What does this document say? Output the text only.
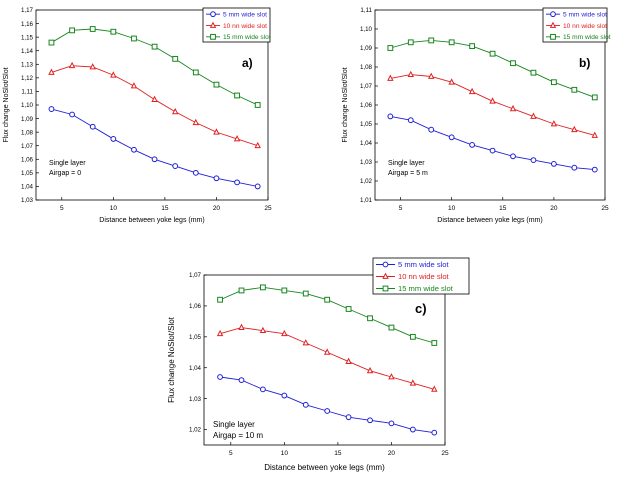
1,03
1,04
1,05
1,06
1,07
1,08
1,09
1,10
1,11
1,12
1,13
1,14
1,15
1,16
1,17
5	10	15	20	25
Distance between yoke legs (mm)
Flux change NoSlot/Slot
Single layer
Airgap = 0
a)
5 mm wide slot
10 nn wide slot
15 mm wide slot
1,01
1,02
1,03
1,04
1,05
1,06
1,07
1,08
1,09
1,10
1,11
5	10	15	20	25
Distance between yoke legs (mm)
Flux change NoSlot/Slot
Single layer
Airgap = 5 m
b)
5 mm wide slot
10 nn wide slot
15 mm wide slot
1,02
1,03
1,04
1,05
1,06
1,07
5	10	15	20	25
Distance between yoke legs (mm)
Flux change NoSlot/Slot
Single layer
Airgap = 10 m
c)
5 mm wide slot
10 nn wide slot
15 mm wide slot
